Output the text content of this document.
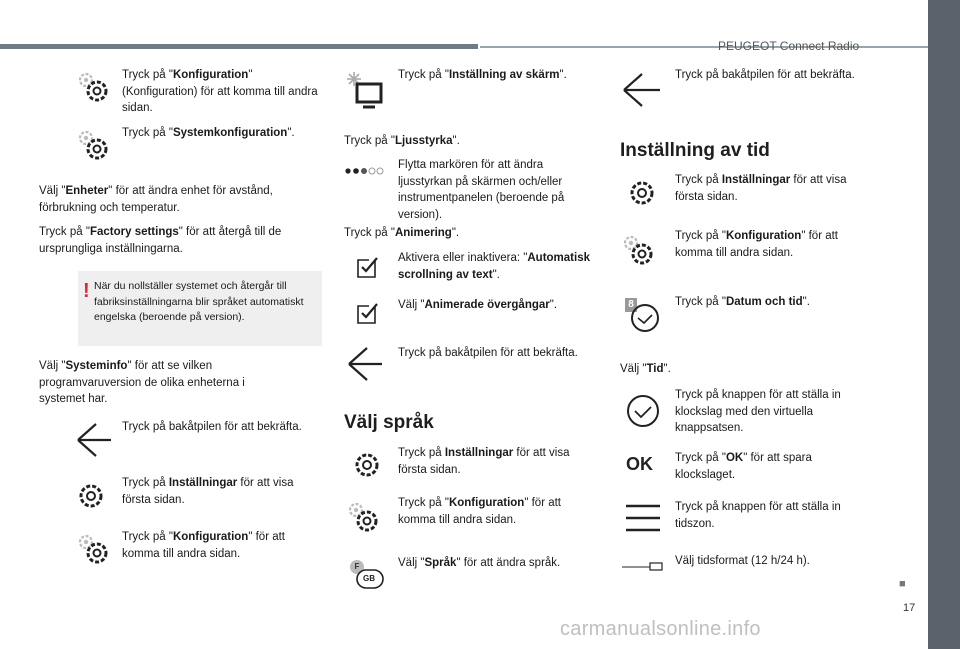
PEUGEOT Connect Radio
■
17
carmanualsonline.info
Tryck på "Konfiguration" (Konfiguration) för att komma till andra sidan.
Tryck på "Systemkonfiguration".
Välj "Enheter" för att ändra enhet för avstånd, förbrukning och temperatur.
Tryck på "Factory settings" för att återgå till de ursprungliga inställningarna.
! När du nollställer systemet och återgår till fabriksinställningarna blir språket automatiskt engelska (beroende på version).
Välj "Systeminfo" för att se vilken programvaruversion de olika enheterna i systemet har.
Tryck på bakåtpilen för att bekräfta.
Tryck på Inställningar för att visa första sidan.
Tryck på "Konfiguration" för att komma till andra sidan.
Tryck på "Inställning av skärm".
Tryck på "Ljusstyrka".
Flytta markören för att ändra ljusstyrkan på skärmen och/eller instrumentpanelen (beroende på version).
Tryck på "Animering".
Aktivera eller inaktivera: "Automatisk scrollning av text".
Välj "Animerade övergångar".
Tryck på bakåtpilen för att bekräfta.
Välj språk
Tryck på Inställningar för att visa första sidan.
Tryck på "Konfiguration" för att komma till andra sidan.
F
GB
Välj "Språk" för att ändra språk.
Tryck på bakåtpilen för att bekräfta.
Inställning av tid
Tryck på Inställningar för att visa första sidan.
Tryck på "Konfiguration" för att komma till andra sidan.
8	Tryck på "Datum och tid".
Välj "Tid".
Tryck på knappen för att ställa in klockslag med den virtuella knappsatsen.
OK Tryck på "OK" för att spara klockslaget.
Tryck på knappen för att ställa in tidszon.
Välj tidsformat (12 h/24 h).
